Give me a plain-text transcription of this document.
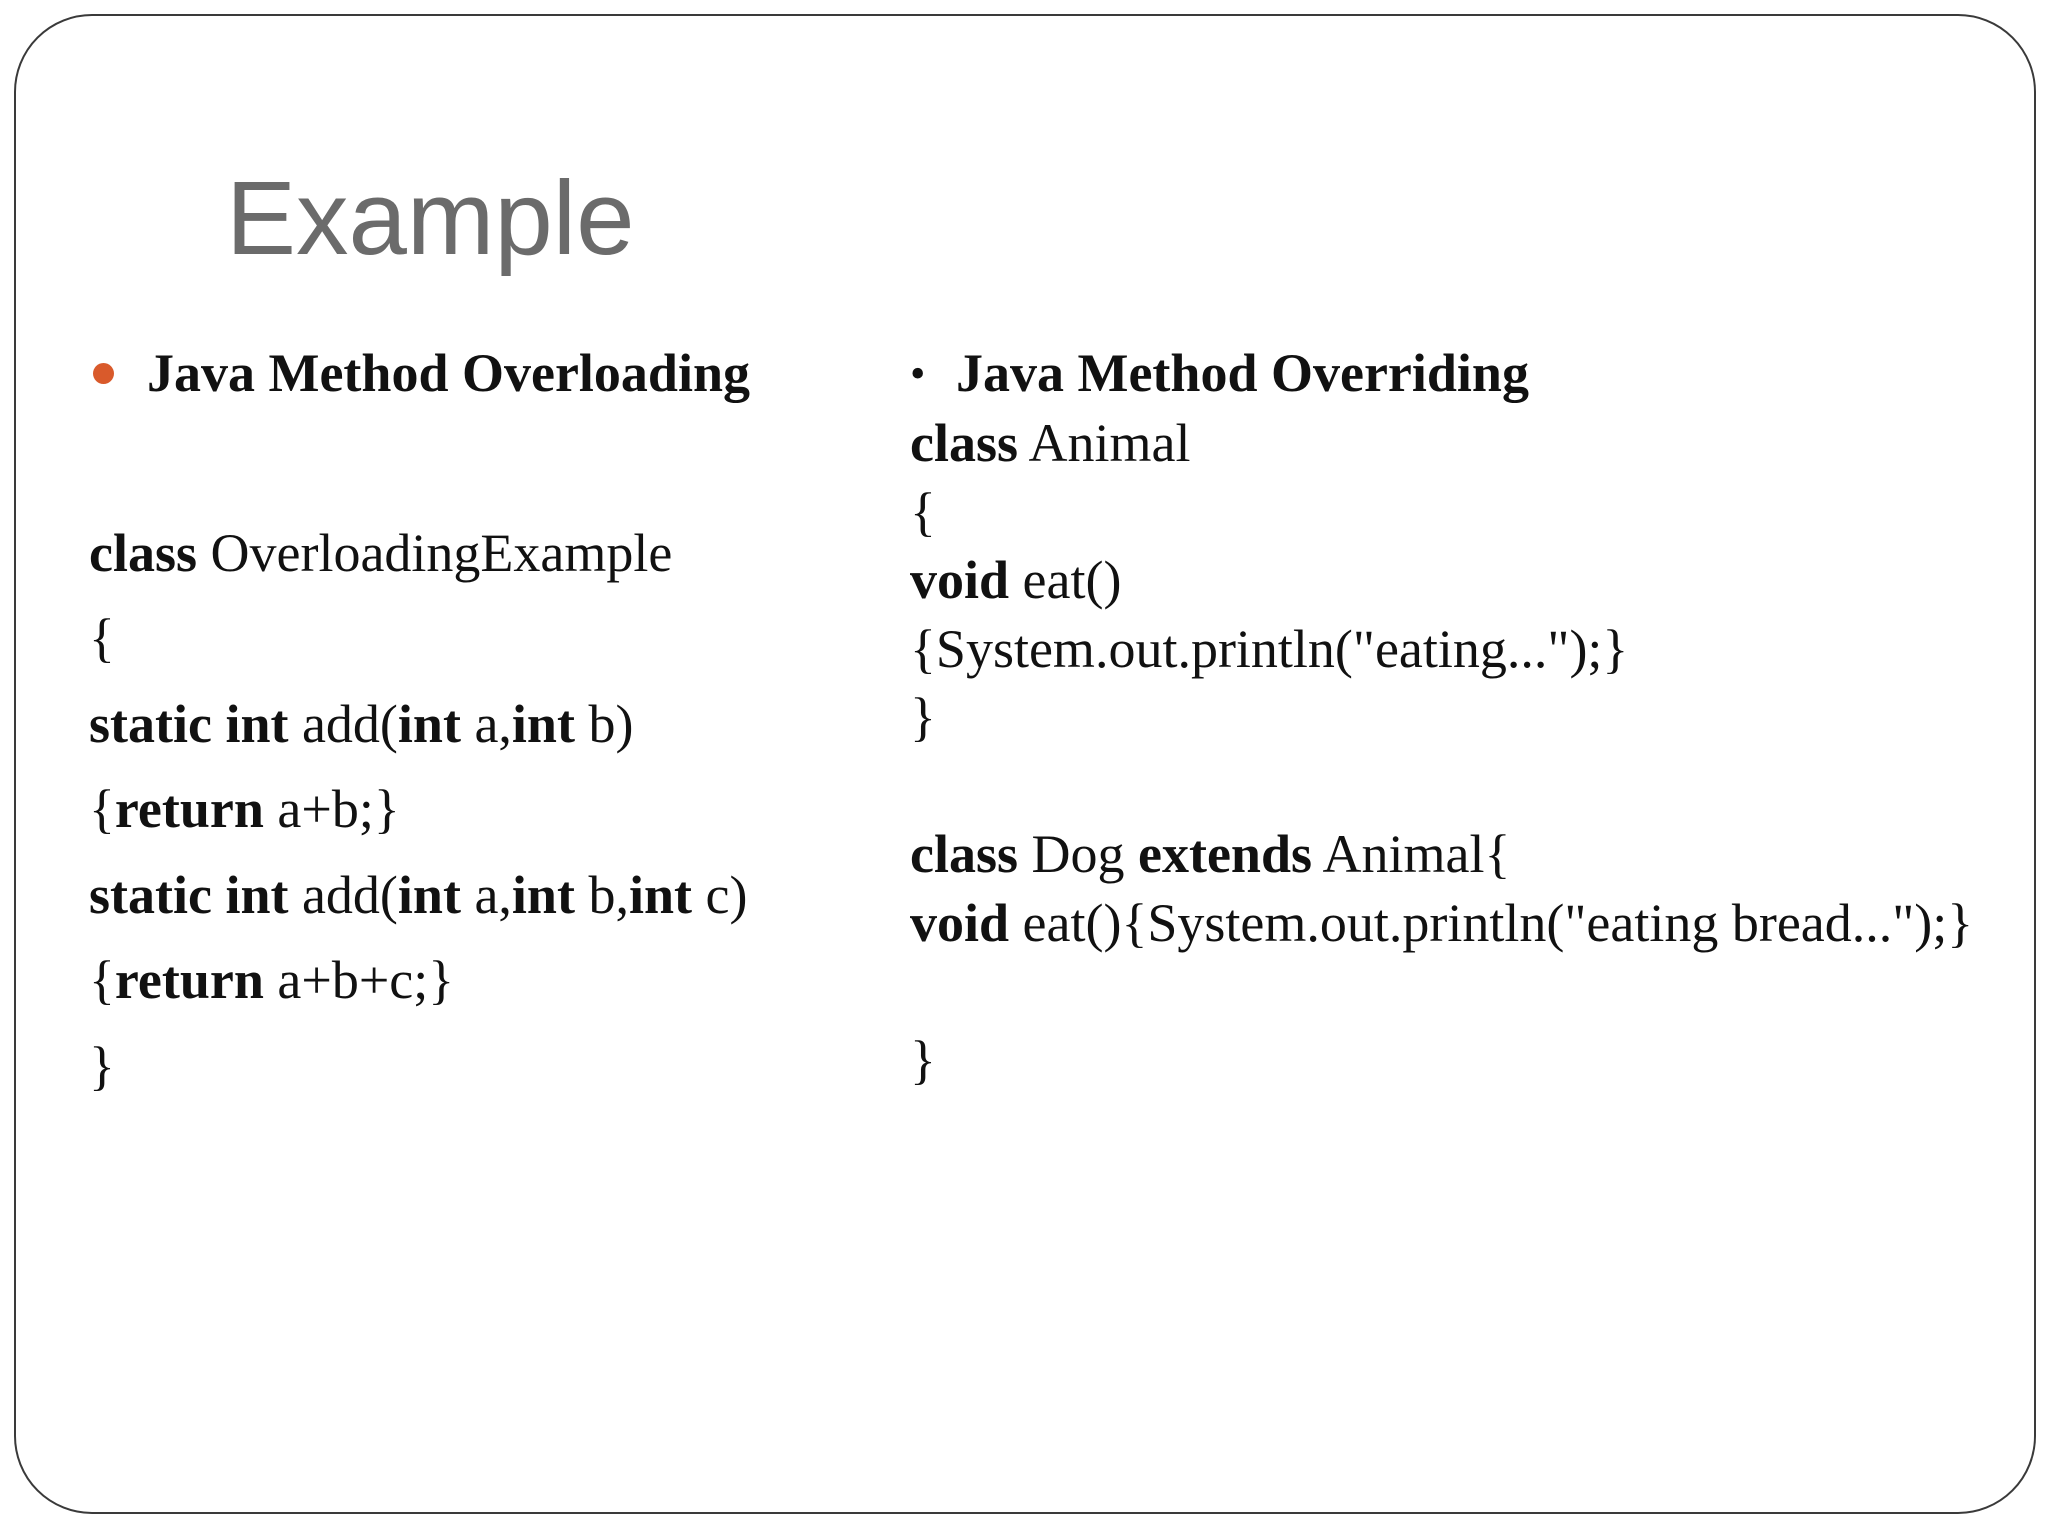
Example
Java Method Overloading
class OverloadingExample
{
static int add( int a, int b)
{ return a+b;}
static int add( int a, int b, int c)
{ return a+b+c;}
}
• Java Method Overriding
class Animal
{
void eat()
{System.out.println("eating...");}
}

class Dog extends Animal{
void eat(){System.out.println("eating bread...");}

}
